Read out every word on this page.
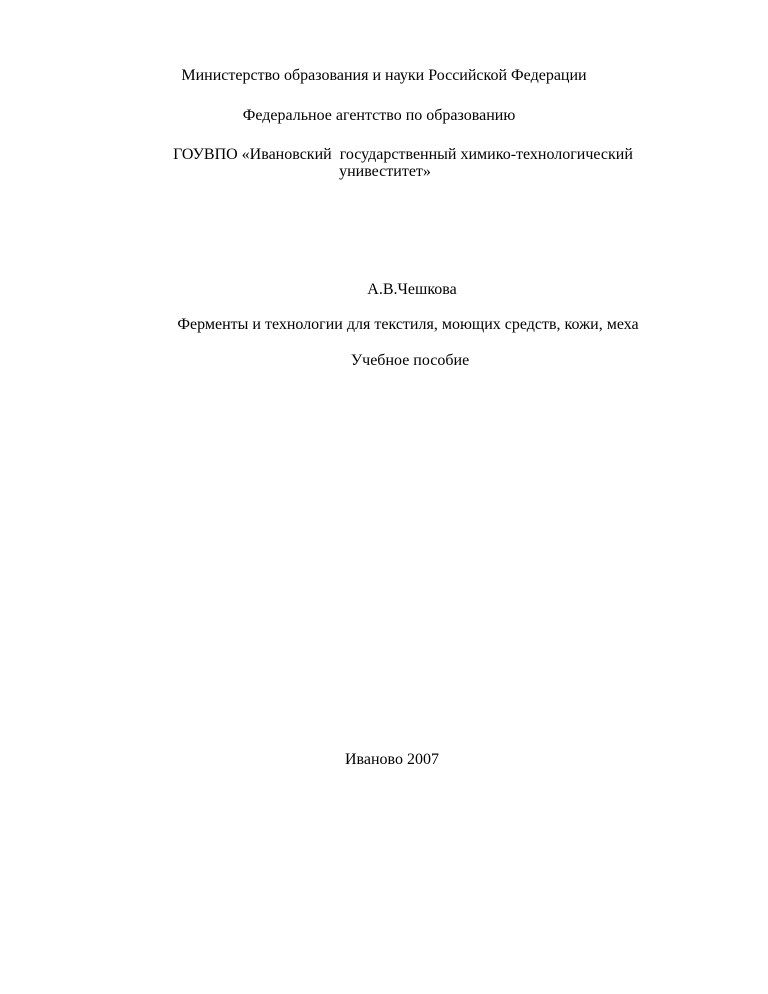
Министерство образования и науки Российской Федерации
Федеральное агентство по образованию
ГОУВПО «Ивановский  государственный химико-технологический
унивеститет»
А.В.Чешкова
Ферменты и технологии для текстиля, моющих средств, кожи, меха
Учебное пособие
Иваново 2007
